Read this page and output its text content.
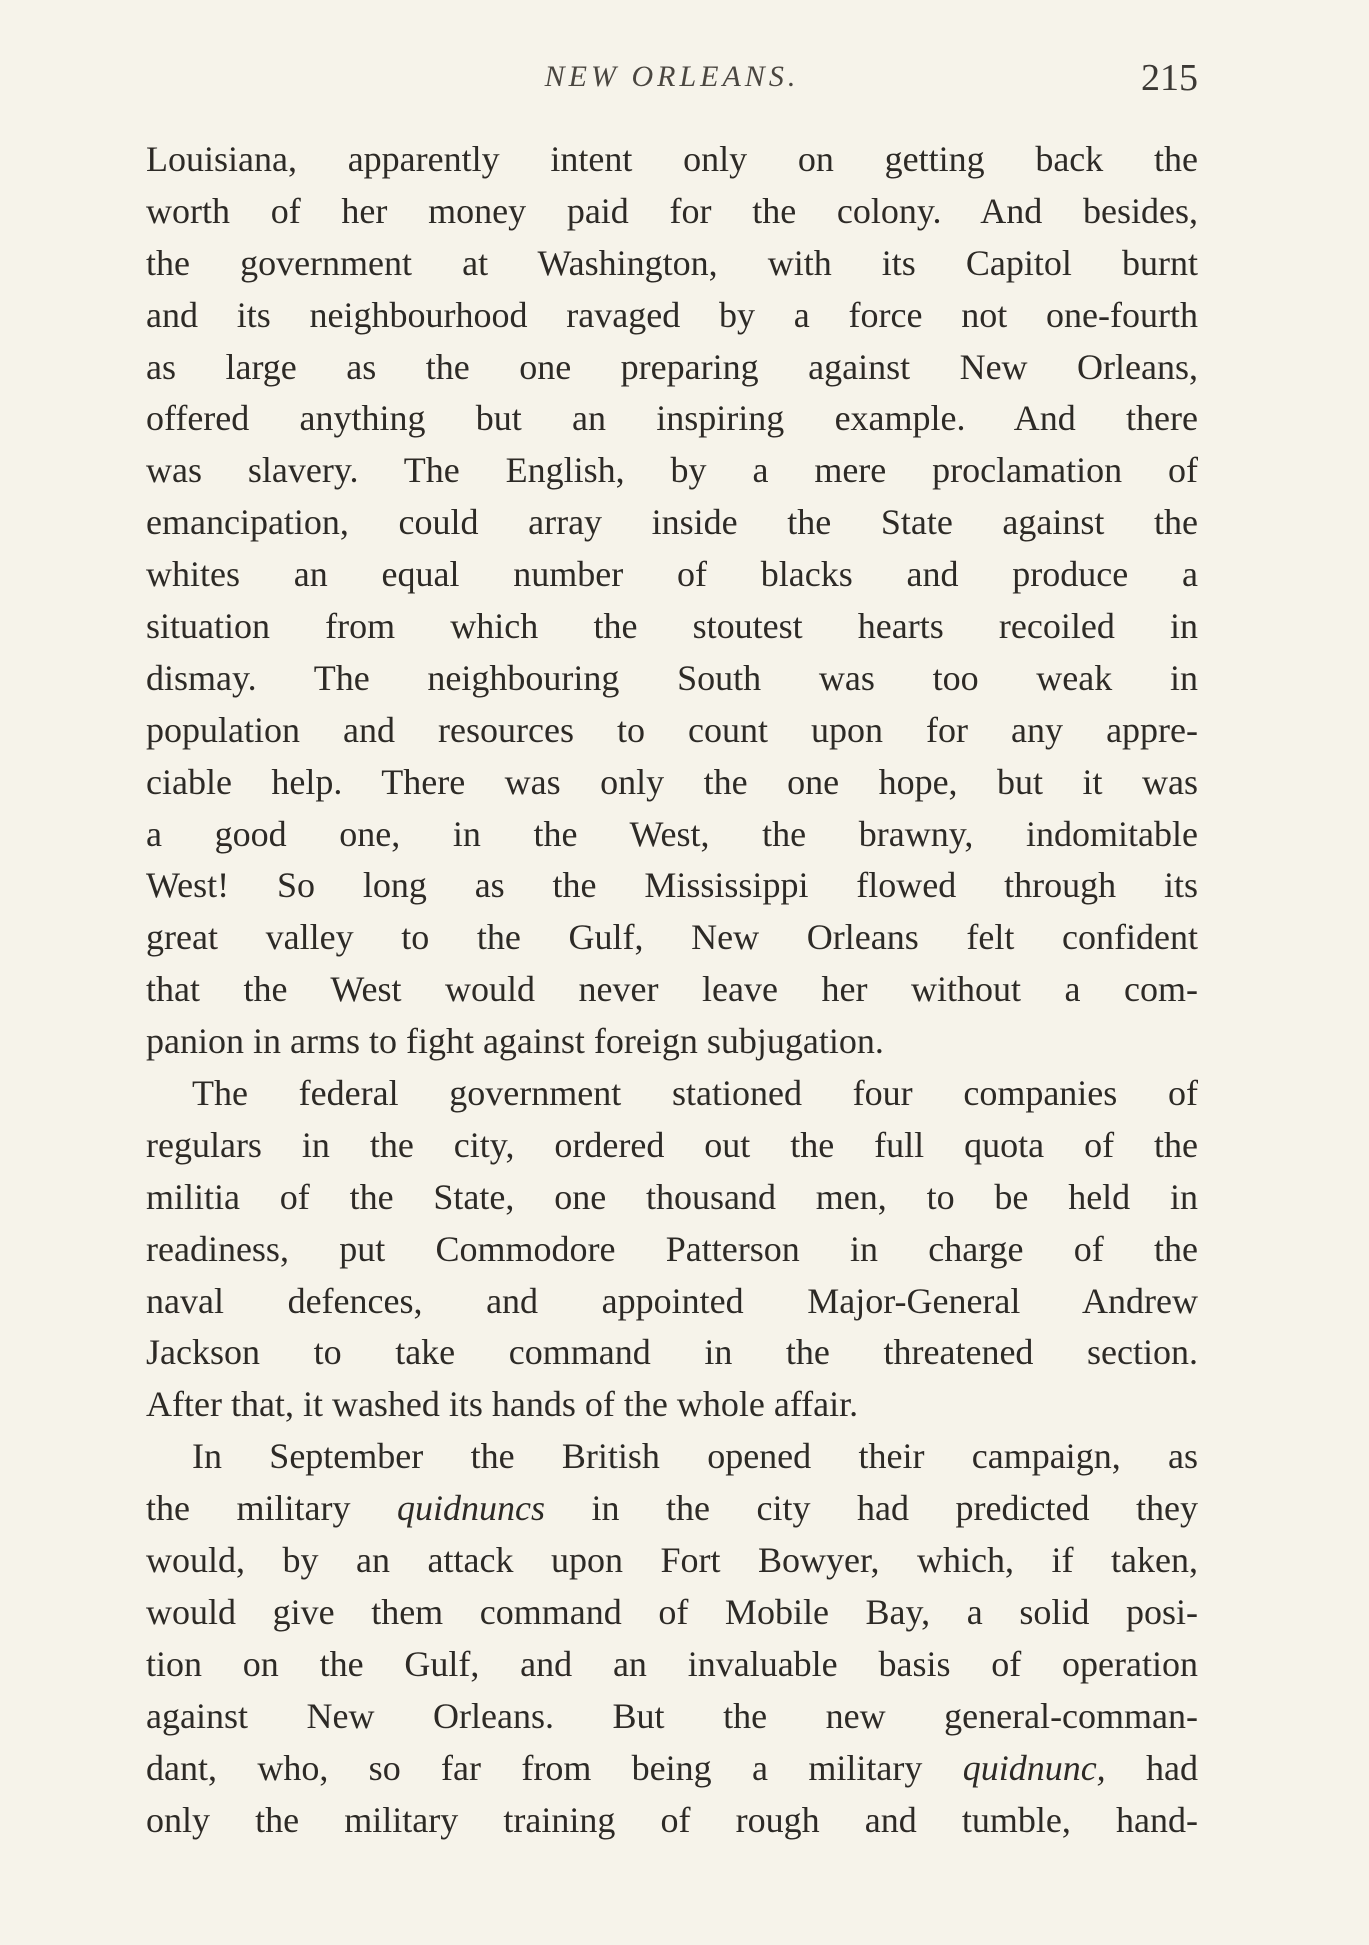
NEW ORLEANS.	215
Louisiana, apparently intent only on getting back the
worth of her money paid for the colony. And besides,
the government at Washington, with its Capitol burnt
and its neighbourhood ravaged by a force not one-fourth
as large as the one preparing against New Orleans,
offered anything but an inspiring example. And there
was slavery. The English, by a mere proclamation of
emancipation, could array inside the State against the
whites an equal number of blacks and produce a
situation from which the stoutest hearts recoiled in
dismay. The neighbouring South was too weak in
population and resources to count upon for any appre-
ciable help. There was only the one hope, but it was
a good one, in the West, the brawny, indomitable
West! So long as the Mississippi flowed through its
great valley to the Gulf, New Orleans felt confident
that the West would never leave her without a com-
panion in arms to fight against foreign subjugation.
The federal government stationed four companies of
regulars in the city, ordered out the full quota of the
militia of the State, one thousand men, to be held in
readiness, put Commodore Patterson in charge of the
naval defences, and appointed Major-General Andrew
Jackson to take command in the threatened section.
After that, it washed its hands of the whole affair.
In September the British opened their campaign, as
the military quidnuncs in the city had predicted they
would, by an attack upon Fort Bowyer, which, if taken,
would give them command of Mobile Bay, a solid posi-
tion on the Gulf, and an invaluable basis of operation
against New Orleans. But the new general-comman-
dant, who, so far from being a military quidnunc, had
only the military training of rough and tumble, hand-
